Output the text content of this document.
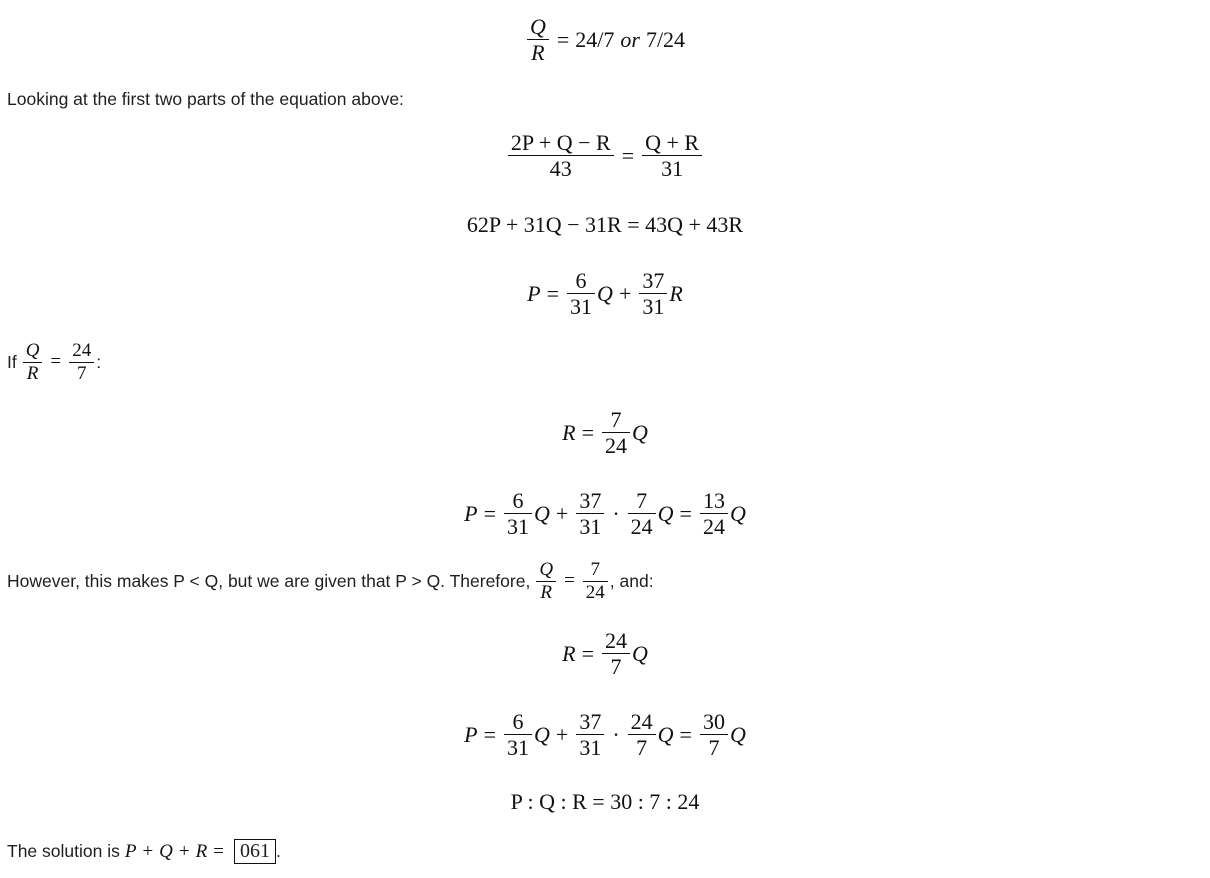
$\frac{Q}{R} = 24/7$ or 7/24
Looking at the first two parts of the equation above:
$\frac{2P + Q - R}{43} = \frac{Q + R}{31}$
62P + 31Q − 31R = 43Q + 43R
$P = \frac{6}{31}$ $Q + \frac{37}{31}$ R
If $\frac{Q}{R} = \frac{24}{7}$ :
$R = \frac{7}{24}$ Q
$P = \frac{6}{31}$ $Q + \frac{37}{31} \cdot \frac{7}{24}$ $Q = \frac{13}{24}$ Q
However, this makes P < Q, but we are given that P > Q. Therefore, $\frac{Q}{R} = \frac{7}{24}$ , and:
$R = \frac{24}{7}$ Q
$P = \frac{6}{31}$ $Q + \frac{37}{31} \cdot \frac{24}{7}$ $Q = \frac{30}{7}$ Q
P : Q : R = 30 : 7 : 24
The solution is P + Q + R = 061 .
